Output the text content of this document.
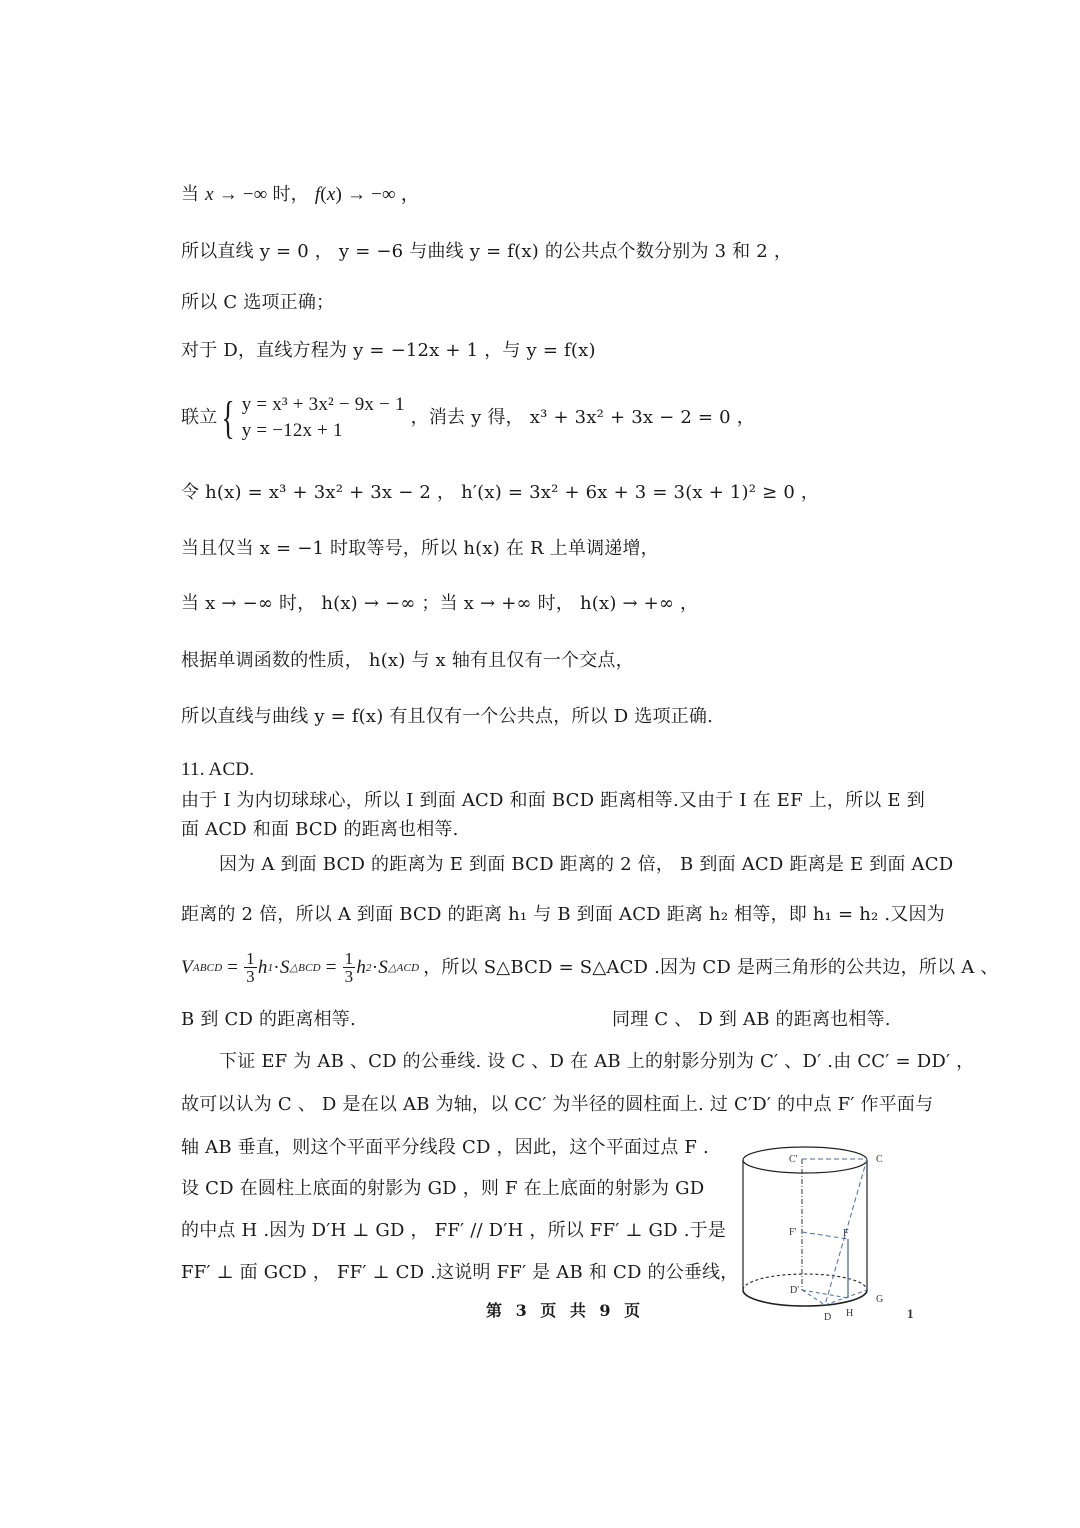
当 x → −∞ 时， f(x) → −∞ ，
所以直线 y = 0 ， y = −6 与曲线 y = f(x) 的公共点个数分别为 3 和 2 ，
所以 C 选项正确；
对于 D，直线方程为 y = −12x + 1 ，与 y = f(x)
联立 { y = x³ + 3x² − 9x − 1
y = −12x + 1
，消去 y 得， x³ + 3x² + 3x − 2 = 0 ，
令 h(x) = x³ + 3x² + 3x − 2 ， h′(x) = 3x² + 6x + 3 = 3(x + 1)² ≥ 0 ，
当且仅当 x = −1 时取等号，所以 h(x) 在 R 上单调递增，
当 x → −∞ 时， h(x) → −∞ ；当 x → +∞ 时， h(x) → +∞ ，
根据单调函数的性质， h(x) 与 x 轴有且仅有一个交点，
所以直线与曲线 y = f(x) 有且仅有一个公共点，所以 D 选项正确.
11. ACD.
由于 I 为内切球球心，所以 I 到面 ACD 和面 BCD 距离相等.又由于 I 在 EF 上，所以 E 到
面 ACD 和面 BCD 的距离也相等.
因为 A 到面 BCD 的距离为 E 到面 BCD 距离的 2 倍， B 到面 ACD 距离是 E 到面 ACD
距离的 2 倍，所以 A 到面 BCD 的距离 h₁ 与 B 到面 ACD 距离 h₂ 相等，即 h₁ = h₂ .又因为
V ABCD = $\frac{1}{3}$ h 1 · S △BCD = $\frac{1}{3}$ h 2 · S △ACD ，所以 S△BCD = S△ACD .因为 CD 是两三角形的公共边，所以 A 、
B 到 CD 的距离相等.	同理 C 、 D 到 AB 的距离也相等.
下证 EF 为 AB 、CD 的公垂线. 设 C 、D 在 AB 上的射影分别为 C′ 、D′ .由 CC′ = DD′ ，
故可以认为 C 、 D 是在以 AB 为轴，以 CC′ 为半径的圆柱面上. 过 C′D′ 的中点 F′ 作平面与
轴 AB 垂直，则这个平面平分线段 CD ，因此，这个平面过点 F .
设 CD 在圆柱上底面的射影为 GD ，则 F 在上底面的射影为 GD
的中点 H .因为 D′H ⊥ GD ， FF′ // D′H ，所以 FF′ ⊥ GD .于是
FF′ ⊥ 面 GCD ， FF′ ⊥ CD .这说明 FF′ 是 AB 和 CD 的公垂线，
C'	C
F'	F
D'
G
D H	1
第 3 页 共 9 页
